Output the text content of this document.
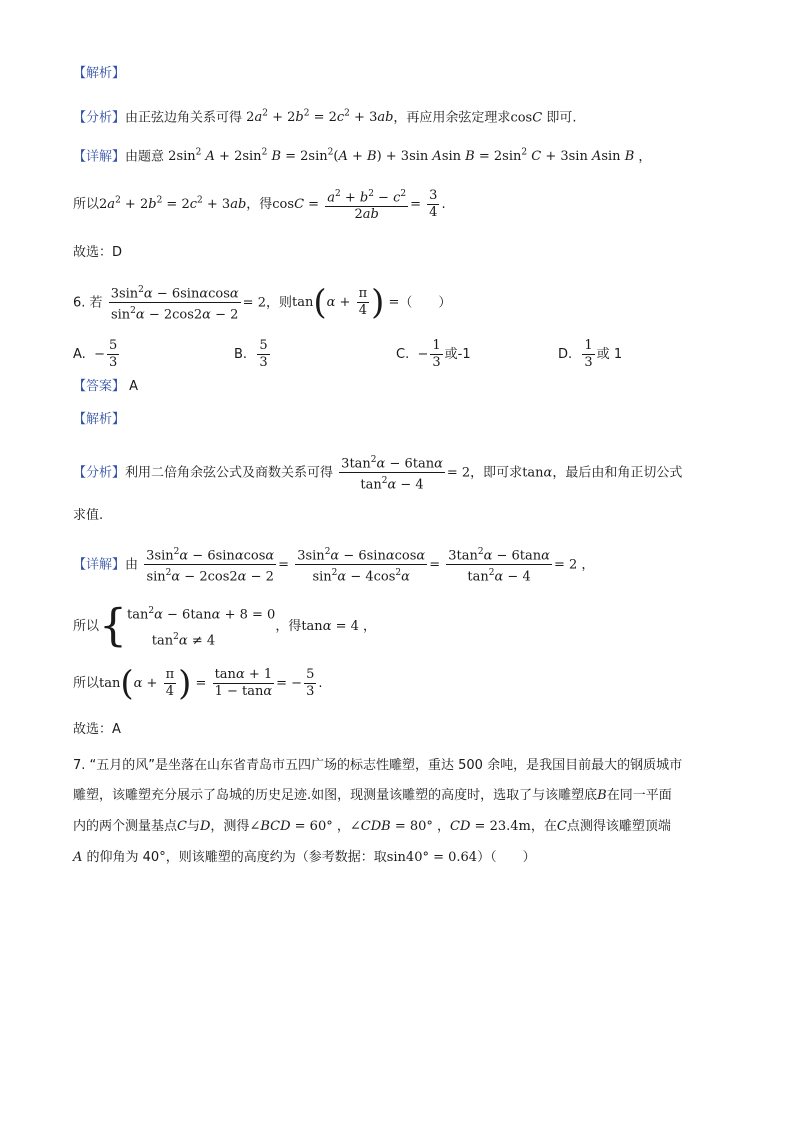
【解析】
【分析】由正弦边角关系可得 $2a^2 + 2b^2 = 2c^2 + 3ab$，再应用余弦定理求cosC 即可.
【详解】由题意 $2\sin^2$ $A + 2\sin^2$ $B = 2\sin^2(A + B) + 3\sin$ Asin $B = 2\sin^2$ C + 3sin Asin B ，
所以$2a^2 + 2b^2 = 2c^2 + 3ab$，得$\cos C = \frac{a^2 + b^2 - c^2}{2ab} = \frac{3}{4}$ .
故选：D
6. 若 $\frac{3\sin^2\alpha - 6\sin\alpha\cos\alpha}{\sin^2\alpha - 2\cos 2\alpha - 2} = 2$，则$\tan(\alpha + \frac{\pi}{4}$ ) =（　　）
A. − $\frac{5}{3}$	B. $\frac{5}{3}$	C. − $\frac{1}{3}$ 或-1	D. $\frac{1}{3}$ 或 1
【答案】 A
【解析】
【分析】利用二倍角余弦公式及商数关系可得 $\frac{3\tan^2\alpha - 6\tan\alpha}{\tan^2\alpha - 4} = 2$，即可求tanα，最后由和角正切公式
求值.
【详解】由 $\frac{3\sin^2\alpha - 6\sin\alpha\cos\alpha}{\sin^2\alpha - 2\cos 2\alpha - 2} = \frac{3\sin^2\alpha - 6\sin\alpha\cos\alpha}{\sin^2\alpha - 4\cos^2\alpha} = \frac{3\tan^2\alpha - 6\tan\alpha}{\tan^2\alpha - 4} = 2$ ，
所以{ $\tan^2\alpha - 6\tan\alpha + 8 = 0$
$\tan^2\alpha \ne 4$
，得tanα = 4 ，
所以$\tan(\alpha + \frac{\pi}{4}$ ) = $\frac{\tan\alpha + 1}{1 - \tan\alpha}$ = − $\frac{5}{3}$ .
故选：A
7. “五月的风”是坐落在山东省青岛市五四广场的标志性雕塑，重达 500 余吨，是我国目前最大的钢质城市
雕塑，该雕塑充分展示了岛城的历史足迹.如图，现测量该雕塑的高度时，选取了与该雕塑底B在同一平面
内的两个测量基点C与D，测得∠BCD = 60° ，∠CDB = 80° ，CD = 23.4m，在C点测得该雕塑顶端
A 的仰角为 40°，则该雕塑的高度约为（参考数据：取sin40° = 0.64）（　　）
